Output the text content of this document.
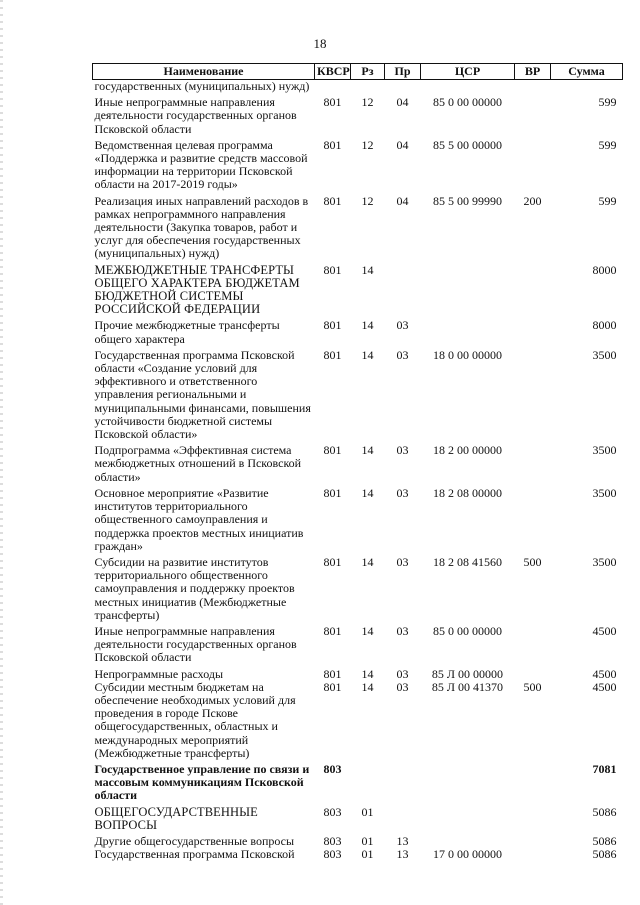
18
Наименование	КВСР	Рз	Пр	ЦСР	ВР	Сумма
государственных (муниципальных) нужд)						
Иные непрограммные направления деятельности государственных органов Псковской области	801	12	04	85 0 00 00000		599
Ведомственная целевая программа «Поддержка и развитие средств массовой информации на территории Псковской области на 2017-2019 годы»	801	12	04	85 5 00 00000		599
Реализация иных направлений расходов в рамках непрограммного направления деятельности (Закупка товаров, работ и услуг для обеспечения государственных (муниципальных) нужд)	801	12	04	85 5 00 99990	200	599
МЕЖБЮДЖЕТНЫЕ ТРАНСФЕРТЫ ОБЩЕГО ХАРАКТЕРА БЮДЖЕТАМ БЮДЖЕТНОЙ СИСТЕМЫ РОССИЙСКОЙ ФЕДЕРАЦИИ	801	14				8000
Прочие межбюджетные трансферты общего характера	801	14	03			8000
Государственная программа Псковской области «Создание условий для эффективного и ответственного управления региональными и муниципальными финансами, повышения устойчивости бюджетной системы Псковской области»	801	14	03	18 0 00 00000		3500
Подпрограмма «Эффективная система межбюджетных отношений в Псковской области»	801	14	03	18 2 00 00000		3500
Основное мероприятие «Развитие институтов территориального общественного самоуправления и поддержка проектов местных инициатив граждан»	801	14	03	18 2 08 00000		3500
Субсидии на развитие институтов территориального общественного самоуправления и поддержку проектов местных инициатив (Межбюджетные трансферты)	801	14	03	18 2 08 41560	500	3500
Иные непрограммные направления деятельности государственных органов Псковской области	801	14	03	85 0 00 00000		4500
Непрограммные расходы	801	14	03	85 Л 00 00000		4500
Субсидии местным бюджетам на обеспечение необходимых условий для проведения в городе Пскове общегосударственных, областных и международных мероприятий (Межбюджетные трансферты)	801	14	03	85 Л 00 41370	500	4500
Государственное управление по связи и массовым коммуникациям Псковской области	803					7081
ОБЩЕГОСУДАРСТВЕННЫЕ ВОПРОСЫ	803	01				5086
Другие общегосударственные вопросы	803	01	13			5086
Государственная программа Псковской	803	01	13	17 0 00 00000		5086
